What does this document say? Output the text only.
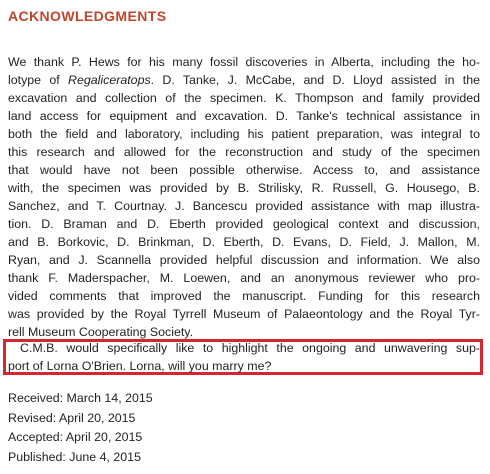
ACKNOWLEDGMENTS
We thank P. Hews for his many fossil discoveries in Alberta, including the ho-
lotype of Regaliceratops. D. Tanke, J. McCabe, and D. Lloyd assisted in the
excavation and collection of the specimen. K. Thompson and family provided
land access for equipment and excavation. D. Tanke's technical assistance in
both the field and laboratory, including his patient preparation, was integral to
this research and allowed for the reconstruction and study of the specimen
that would have not been possible otherwise. Access to, and assistance
with, the specimen was provided by B. Strilisky, R. Russell, G. Housego, B.
Sanchez, and T. Courtnay. J. Bancescu provided assistance with map illustra-
tion. D. Braman and D. Eberth provided geological context and discussion,
and B. Borkovic, D. Brinkman, D. Eberth, D. Evans, D. Field, J. Mallon, M.
Ryan, and J. Scannella provided helpful discussion and information. We also
thank F. Maderspacher, M. Loewen, and an anonymous reviewer who pro-
vided comments that improved the manuscript. Funding for this research
was provided by the Royal Tyrrell Museum of Palaeontology and the Royal Tyr-
rell Museum Cooperating Society.
C.M.B. would specifically like to highlight the ongoing and unwavering sup-
port of Lorna O'Brien. Lorna, will you marry me?
Received: March 14, 2015
Revised: April 20, 2015
Accepted: April 20, 2015
Published: June 4, 2015
